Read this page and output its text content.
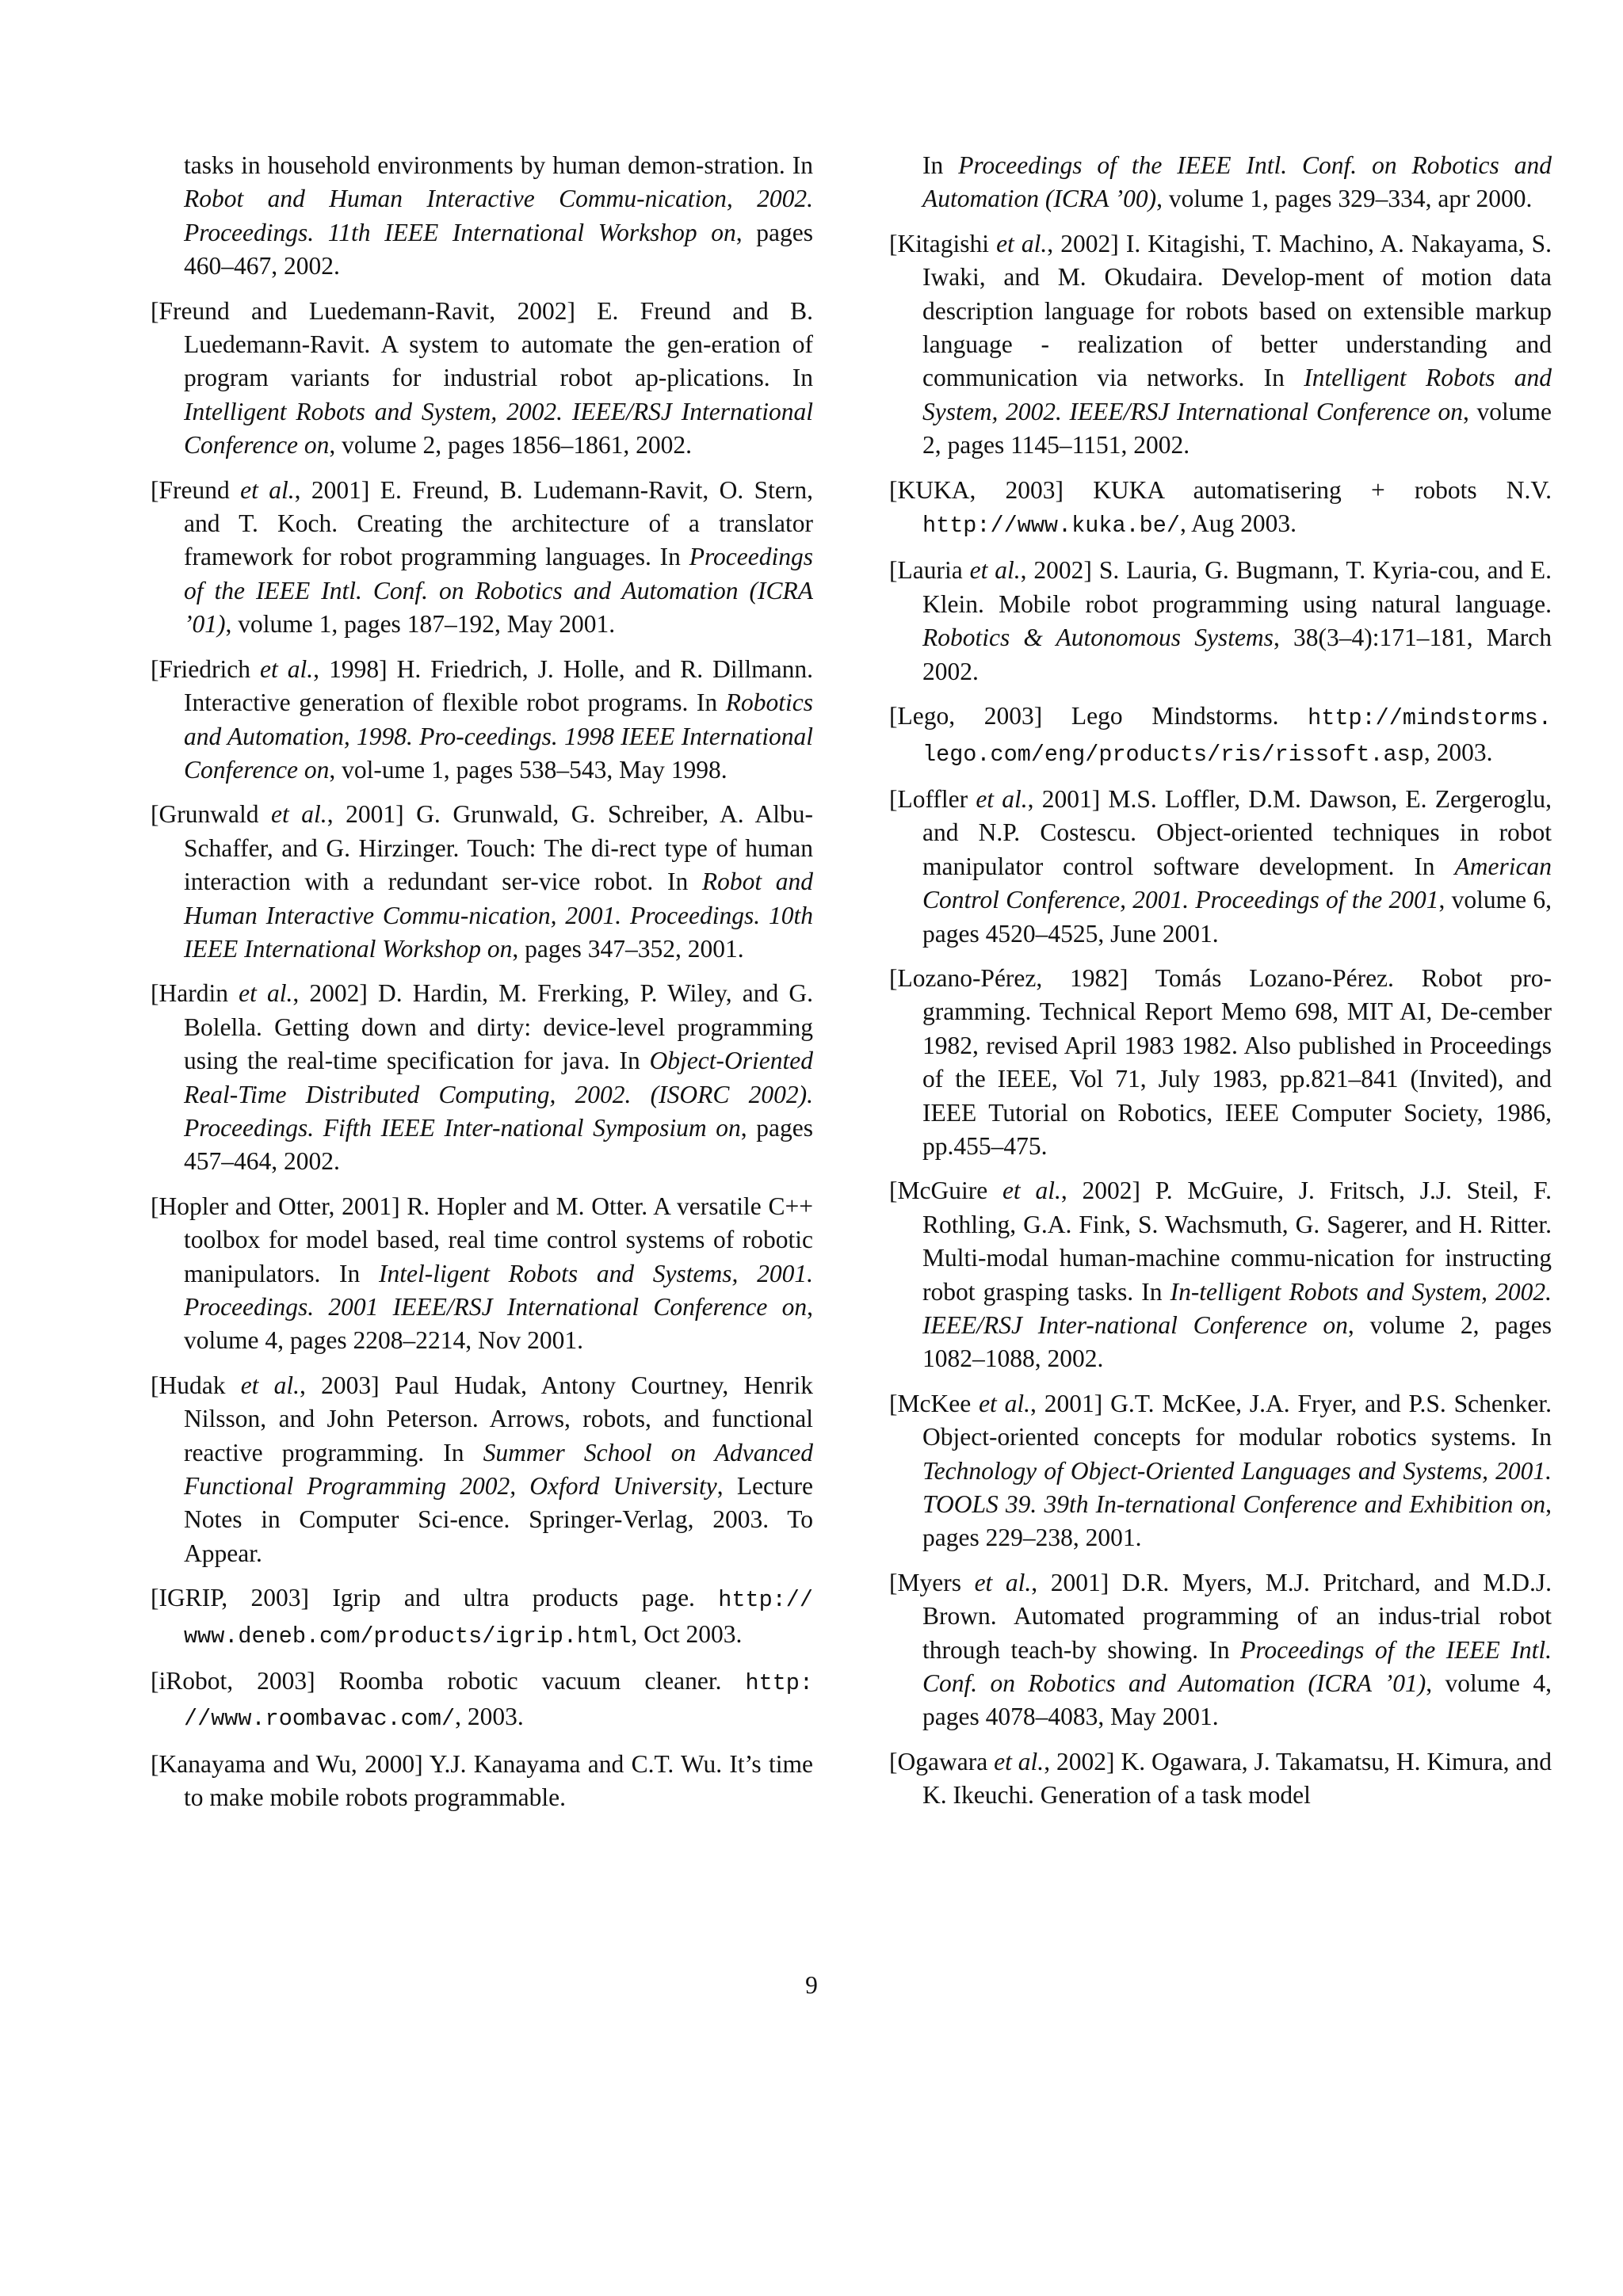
tasks in household environments by human demon-stration. In Robot and Human Interactive Commu-nication, 2002. Proceedings. 11th IEEE International Workshop on, pages 460–467, 2002.

[Freund and Luedemann-Ravit, 2002] E. Freund and B. Luedemann-Ravit. A system to automate the gen-eration of program variants for industrial robot ap-plications. In Intelligent Robots and System, 2002. IEEE/RSJ International Conference on, volume 2, pages 1856–1861, 2002.

[Freund et al., 2001] E. Freund, B. Ludemann-Ravit, O. Stern, and T. Koch. Creating the architecture of a translator framework for robot programming languages. In Proceedings of the IEEE Intl. Conf. on Robotics and Automation (ICRA ’01), volume 1, pages 187–192, May 2001.

[Friedrich et al., 1998] H. Friedrich, J. Holle, and R. Dillmann. Interactive generation of flexible robot programs. In Robotics and Automation, 1998. Pro-ceedings. 1998 IEEE International Conference on, vol-ume 1, pages 538–543, May 1998.

[Grunwald et al., 2001] G. Grunwald, G. Schreiber, A. Albu-Schaffer, and G. Hirzinger. Touch: The di-rect type of human interaction with a redundant ser-vice robot. In Robot and Human Interactive Commu-nication, 2001. Proceedings. 10th IEEE International Workshop on, pages 347–352, 2001.

[Hardin et al., 2002] D. Hardin, M. Frerking, P. Wiley, and G. Bolella. Getting down and dirty: device-level programming using the real-time specification for java. In Object-Oriented Real-Time Distributed Computing, 2002. (ISORC 2002). Proceedings. Fifth IEEE Inter-national Symposium on, pages 457–464, 2002.

[Hopler and Otter, 2001] R. Hopler and M. Otter. A versatile C++ toolbox for model based, real time control systems of robotic manipulators. In Intel-ligent Robots and Systems, 2001. Proceedings. 2001 IEEE/RSJ International Conference on, volume 4, pages 2208–2214, Nov 2001.

[Hudak et al., 2003] Paul Hudak, Antony Courtney, Henrik Nilsson, and John Peterson. Arrows, robots, and functional reactive programming. In Summer School on Advanced Functional Programming 2002, Oxford University, Lecture Notes in Computer Sci-ence. Springer-Verlag, 2003. To Appear.

[IGRIP, 2003] Igrip and ultra products page. http:// www.deneb.com/products/igrip.html, Oct 2003.

[iRobot, 2003] Roomba robotic vacuum cleaner. http: //www.roombavac.com/, 2003.

[Kanayama and Wu, 2000] Y.J. Kanayama and C.T. Wu. It’s time to make mobile robots programmable.

In Proceedings of the IEEE Intl. Conf. on Robotics and Automation (ICRA ’00), volume 1, pages 329–334, apr 2000.

[Kitagishi et al., 2002] I. Kitagishi, T. Machino, A. Nakayama, S. Iwaki, and M. Okudaira. Develop-ment of motion data description language for robots based on extensible markup language - realization of better understanding and communication via networks. In Intelligent Robots and System, 2002. IEEE/RSJ International Conference on, volume 2, pages 1145–1151, 2002.

[KUKA, 2003] KUKA automatisering + robots N.V. http://www.kuka.be/, Aug 2003.

[Lauria et al., 2002] S. Lauria, G. Bugmann, T. Kyria-cou, and E. Klein. Mobile robot programming using natural language. Robotics & Autonomous Systems, 38(3–4):171–181, March 2002.

[Lego, 2003] Lego Mindstorms. http://mindstorms. lego.com/eng/products/ris/rissoft.asp, 2003.

[Loffler et al., 2001] M.S. Loffler, D.M. Dawson, E. Zergeroglu, and N.P. Costescu. Object-oriented techniques in robot manipulator control software development. In American Control Conference, 2001. Proceedings of the 2001, volume 6, pages 4520–4525, June 2001.

[Lozano-Pérez, 1982] Tomás Lozano-Pérez. Robot pro-gramming. Technical Report Memo 698, MIT AI, De-cember 1982, revised April 1983 1982. Also published in Proceedings of the IEEE, Vol 71, July 1983, pp.821–841 (Invited), and IEEE Tutorial on Robotics, IEEE Computer Society, 1986, pp.455–475.

[McGuire et al., 2002] P. McGuire, J. Fritsch, J.J. Steil, F. Rothling, G.A. Fink, S. Wachsmuth, G. Sagerer, and H. Ritter. Multi-modal human-machine commu-nication for instructing robot grasping tasks. In In-telligent Robots and System, 2002. IEEE/RSJ Inter-national Conference on, volume 2, pages 1082–1088, 2002.

[McKee et al., 2001] G.T. McKee, J.A. Fryer, and P.S. Schenker. Object-oriented concepts for modular robotics systems. In Technology of Object-Oriented Languages and Systems, 2001. TOOLS 39. 39th In-ternational Conference and Exhibition on, pages 229–238, 2001.

[Myers et al., 2001] D.R. Myers, M.J. Pritchard, and M.D.J. Brown. Automated programming of an indus-trial robot through teach-by showing. In Proceedings of the IEEE Intl. Conf. on Robotics and Automation (ICRA ’01), volume 4, pages 4078–4083, May 2001.

[Ogawara et al., 2002] K. Ogawara, J. Takamatsu, H. Kimura, and K. Ikeuchi. Generation of a task model

9
